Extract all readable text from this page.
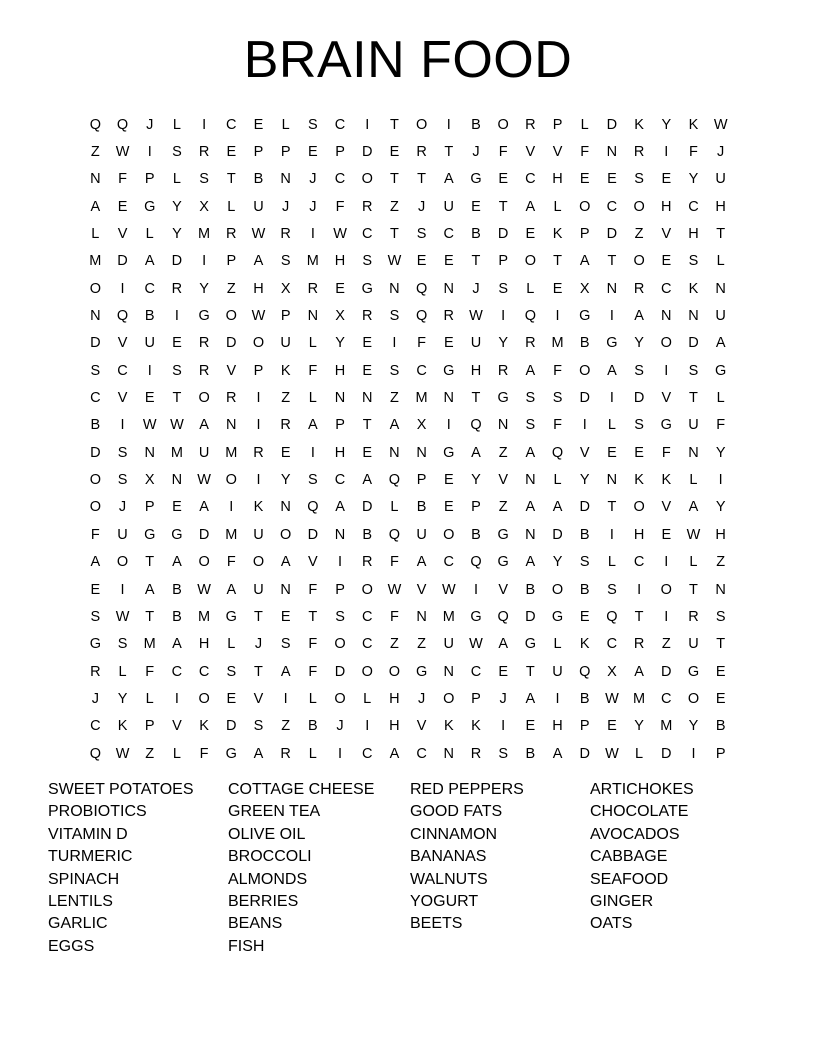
BRAIN FOOD
Q	Q	J	L	I	C	E	L	S	C	I	T	O	I	B	O	R	P	L	D	K	Y	K	W
Z	W	I	S	R	E	P	P	E	P	D	E	R	T	J	F	V	V	F	N	R	I	F	J
N	F	P	L	S	T	B	N	J	C	O	T	T	A	G	E	C	H	E	E	S	E	Y	U
A	E	G	Y	X	L	U	J	J	F	R	Z	J	U	E	T	A	L	O	C	O	H	C	H
L	V	L	Y	M	R	W	R	I	W	C	T	S	C	B	D	E	K	P	D	Z	V	H	T
M	D	A	D	I	P	A	S	M	H	S	W	E	E	T	P	O	T	A	T	O	E	S	L
O	I	C	R	Y	Z	H	X	R	E	G	N	Q	N	J	S	L	E	X	N	R	C	K	N
N	Q	B	I	G	O	W	P	N	X	R	S	Q	R	W	I	Q	I	G	I	A	N	N	U
D	V	U	E	R	D	O	U	L	Y	E	I	F	E	U	Y	R	M	B	G	Y	O	D	A
S	C	I	S	R	V	P	K	F	H	E	S	C	G	H	R	A	F	O	A	S	I	S	G
C	V	E	T	O	R	I	Z	L	N	N	Z	M	N	T	G	S	S	D	I	D	V	T	L
B	I	W W	A	N	I	R	A	P	T	A	X	I	Q	N	S	F	I	L	S	G	U	F
D	S	N	M	U	M	R	E	I	H	E	N	N	G	A	Z	A	Q	V	E	E	F	N	Y
O	S	X	N	W	O	I	Y	S	C	A	Q	P	E	Y	V	N	L	Y	N	K	K	L	I
O	J	P	E	A	I	K	N	Q	A	D	L	B	E	P	Z	A	A	D	T	O	V	A	Y
F	U	G	G	D	M	U	O	D	N	B	Q	U	O	B	G	N	D	B	I	H	E	W	H
A	O	T	A	O	F	O	A	V	I	R	F	A	C	Q	G	A	Y	S	L	C	I	L	Z
E	I	A	B	W	A	U	N	F	P	O	W	V	W	I	V	B	O	B	S	I	O	T	N
S	W	T	B	M	G	T	E	T	S	C	F	N	M	G	Q	D	G	E	Q	T	I	R	S
G	S	M	A	H	L	J	S	F	O	C	Z	Z	U	W	A	G	L	K	C	R	Z	U	T
R	L	F	C	C	S	T	A	F	D	O	O	G	N	C	E	T	U	Q	X	A	D	G	E
J	Y	L	I	O	E	V	I	L	O	L	H	J	O	P	J	A	I	B	W M	C	O	E
C	K	P	V	K	D	S	Z	B	J	I	H	V	K	K	I	E	H	P	E	Y	M	Y	B
Q	W	Z	L	F	G	A	R	L	I	C	A	C	N	R	S	B	A	D	W	L	D	I	P
SWEET POTATOES
PROBIOTICS
VITAMIN D
TURMERIC
SPINACH
LENTILS
GARLIC
EGGS
COTTAGE CHEESE
GREEN TEA
OLIVE OIL
BROCCOLI
ALMONDS
BERRIES
BEANS
FISH
RED PEPPERS
GOOD FATS
CINNAMON
BANANAS
WALNUTS
YOGURT
BEETS
ARTICHOKES
CHOCOLATE
AVOCADOS
CABBAGE
SEAFOOD
GINGER
OATS
